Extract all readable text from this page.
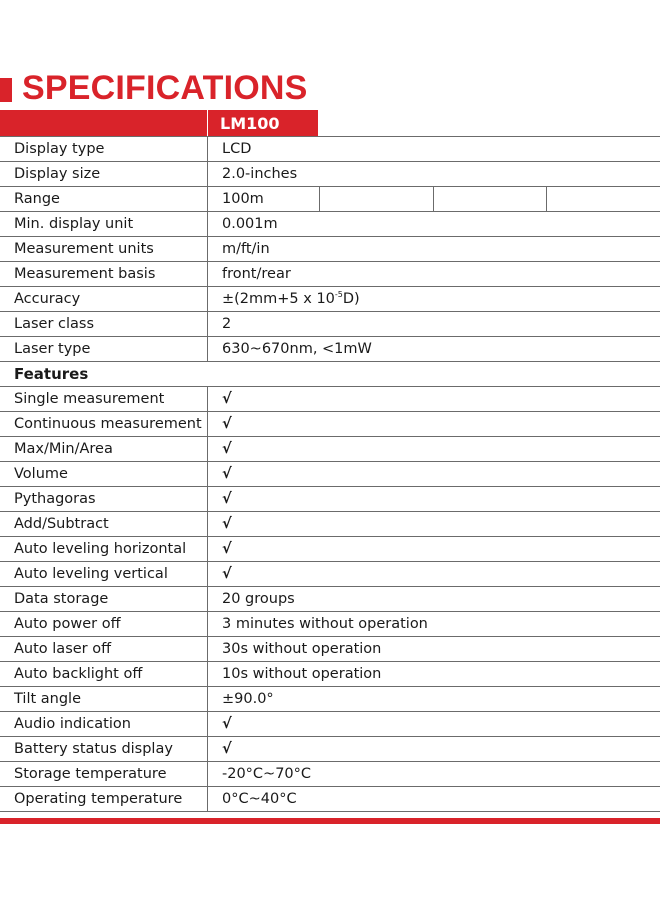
SPECIFICATIONS
LM100
Display type	LCD
Display size	2.0-inches
Range	100m

Min. display unit	0.001m
Measurement units	m/ft/in
Measurement basis	front/rear
Accuracy	±(2mm+5 x $10^{-5}D$)
Laser class	2
Laser type	630~670nm, <1mW
Features	
Single measurement	√
Continuous measurement	√
Max/Min/Area	√
Volume	√
Pythagoras	√
Add/Subtract	√
Auto leveling horizontal	√
Auto leveling vertical	√
Data storage	20 groups
Auto power off	3 minutes without operation
Auto laser off	30s without operation
Auto backlight off	10s without operation
Tilt angle	±90.0°
Audio indication	√
Battery status display	√
Storage temperature	-20°C~70°C
Operating temperature	0°C~40°C
